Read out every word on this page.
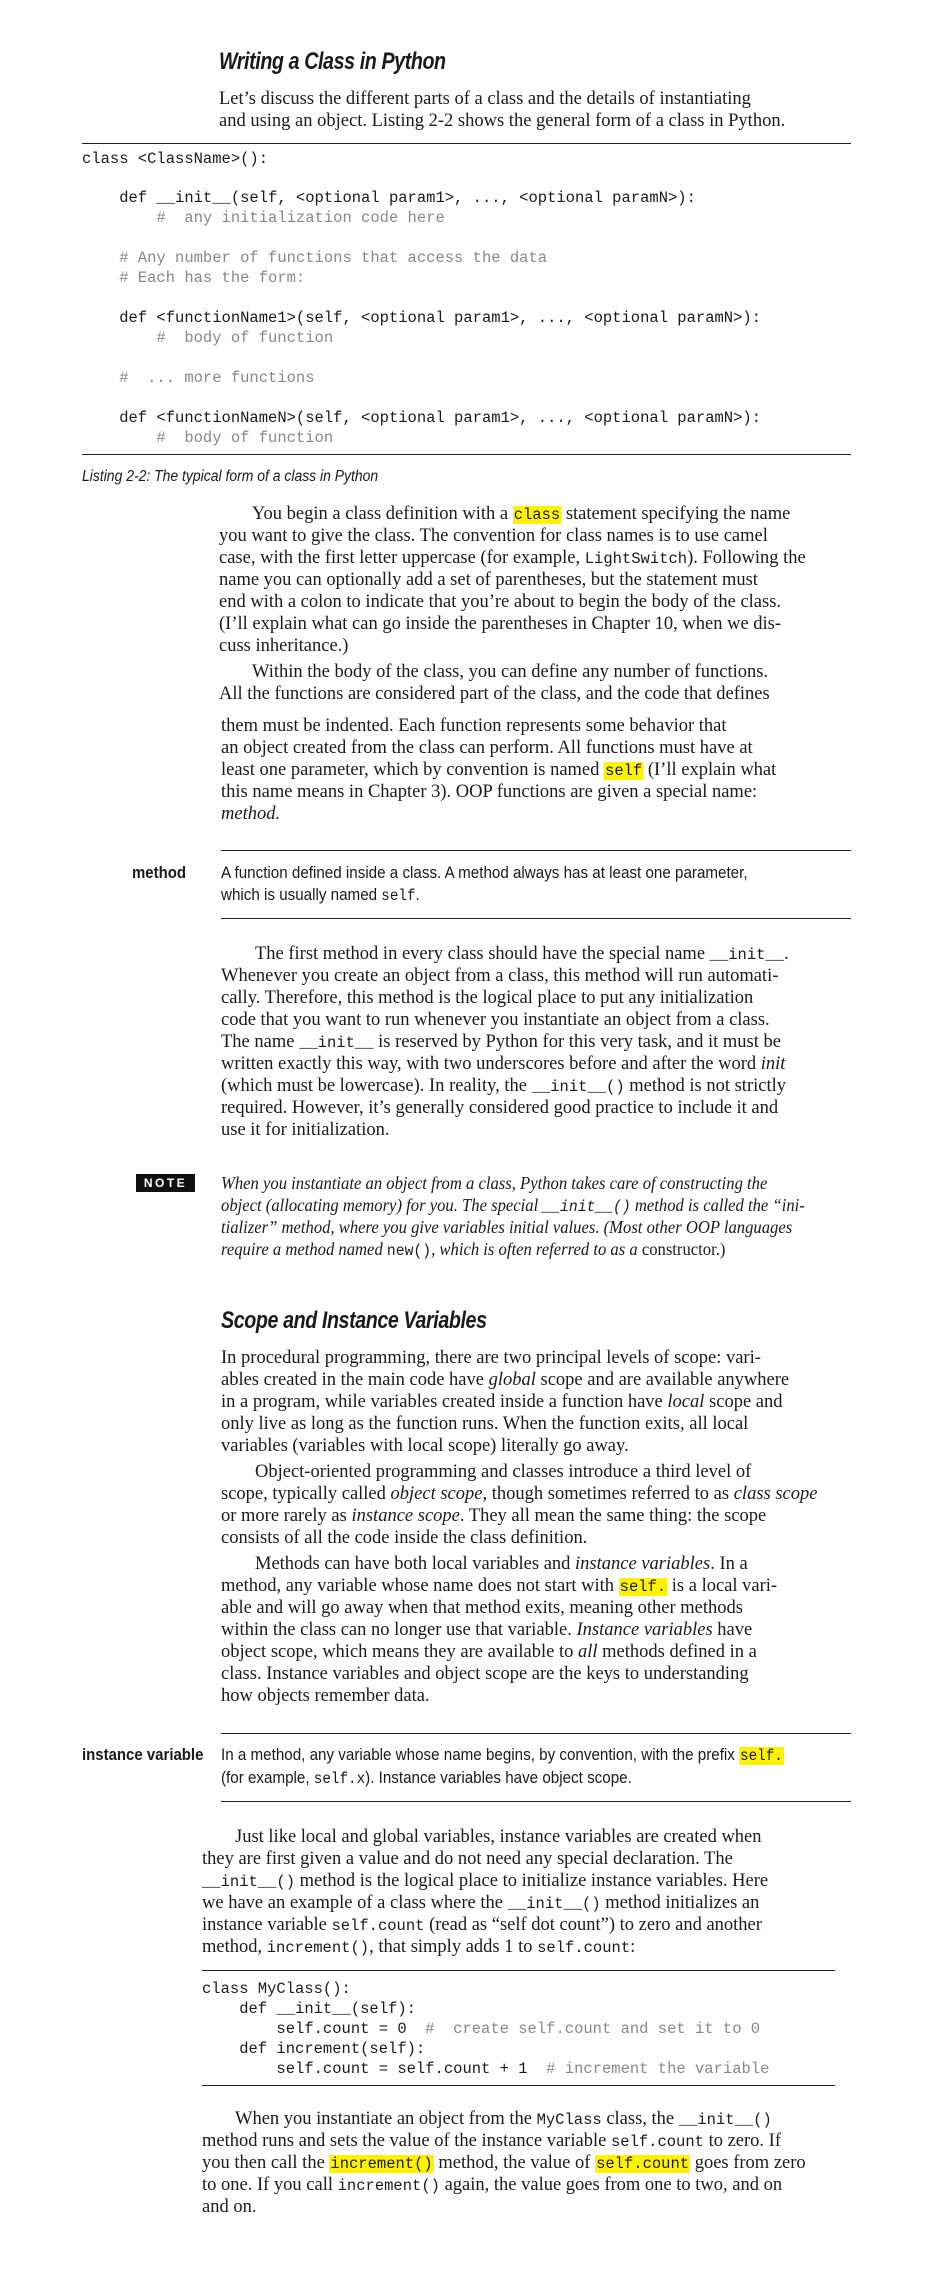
Writing a Class in Python
Let’s discuss the different parts of a class and the details of instantiating
and using an object. Listing 2-2 shows the general form of a class in Python.
class <ClassName>():
def __init__(self, <optional param1>, ..., <optional paramN>):
#  any initialization code here
# Any number of functions that access the data
# Each has the form:
def <functionName1>(self, <optional param1>, ..., <optional paramN>):
#  body of function
#  ... more functions
def <functionNameN>(self, <optional param1>, ..., <optional paramN>):
#  body of function
Listing 2-2: The typical form of a class in Python
You begin a class definition with a class statement specifying the name
you want to give the class. The convention for class names is to use camel
case, with the first letter uppercase (for example, LightSwitch). Following the
name you can optionally add a set of parentheses, but the statement must
end with a colon to indicate that you’re about to begin the body of the class.
(I’ll explain what can go inside the parentheses in Chapter 10, when we dis-
cuss inheritance.)
Within the body of the class, you can define any number of functions.
All the functions are considered part of the class, and the code that defines
them must be indented. Each function represents some behavior that
an object created from the class can perform. All functions must have at
least one parameter, which by convention is named self (I’ll explain what
this name means in Chapter 3). OOP functions are given a special name:
method.
method A function defined inside a class. A method always has at least one parameter,
which is usually named self.
The first method in every class should have the special name __init__.
Whenever you create an object from a class, this method will run automati-
cally. Therefore, this method is the logical place to put any initialization
code that you want to run whenever you instantiate an object from a class.
The name __init__ is reserved by Python for this very task, and it must be
written exactly this way, with two underscores before and after the word init
(which must be lowercase). In reality, the __init__() method is not strictly
required. However, it’s generally considered good practice to include it and
use it for initialization.
NOTE	When you instantiate an object from a class, Python takes care of constructing the
object (allocating memory) for you. The special __init__() method is called the “ini-
tializer” method, where you give variables initial values. (Most other OOP languages
require a method named new(), which is often referred to as a constructor.)
Scope and Instance Variables
In procedural programming, there are two principal levels of scope: vari-
ables created in the main code have global scope and are available anywhere
in a program, while variables created inside a function have local scope and
only live as long as the function runs. When the function exits, all local
variables (variables with local scope) literally go away.
Object-oriented programming and classes introduce a third level of
scope, typically called object scope, though sometimes referred to as class scope
or more rarely as instance scope. They all mean the same thing: the scope
consists of all the code inside the class definition.
Methods can have both local variables and instance variables. In a
method, any variable whose name does not start with self. is a local vari-
able and will go away when that method exits, meaning other methods
within the class can no longer use that variable. Instance variables have
object scope, which means they are available to all methods defined in a
class. Instance variables and object scope are the keys to understanding
how objects remember data.
instance variable In a method, any variable whose name begins, by convention, with the prefix self.
(for example, self.x). Instance variables have object scope.
Just like local and global variables, instance variables are created when
they are first given a value and do not need any special declaration. The
__init__() method is the logical place to initialize instance variables. Here
we have an example of a class where the __init__() method initializes an
instance variable self.count (read as “self dot count”) to zero and another
method, increment(), that simply adds 1 to self.count:
class MyClass():
def __init__(self):
self.count = 0  #  create self.count and set it to 0
def increment(self):
self.count = self.count + 1  # increment the variable
When you instantiate an object from the MyClass class, the __init__()
method runs and sets the value of the instance variable self.count to zero. If
you then call the increment() method, the value of self.count goes from zero
to one. If you call increment() again, the value goes from one to two, and on
and on.
